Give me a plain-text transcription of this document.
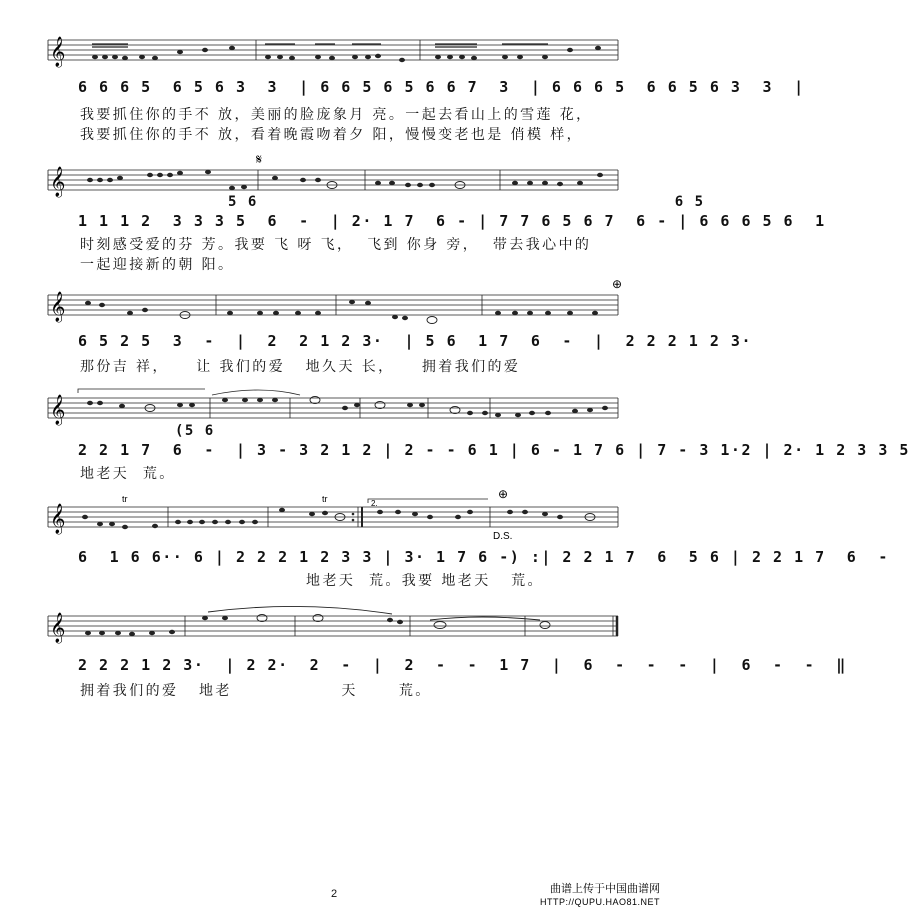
𝄞
6 6 6 5  6 5 6 3  3  | 6 6 5 6 5 6 6 7  3  | 6 6 6 5  6 6 5 6 3  3  |
我要抓住你的手不 放，美丽的脸庞象月 亮。一起去看山上的雪莲 花，
我要抓住你的手不 放，看着晚霞吻着夕 阳，慢慢变老也是 俏模 样，
𝄞
𝄋
5 6                                          6 5
1 1 1 2  3 3 3 5  6  -  | 2· 1 7  6 - | 7 7 6 5 6 7  6 - | 6 6 6 5 6  1
时刻感受爱的芬 芳。我要 飞 呀 飞，  飞到 你身 旁，  带去我心中的
一起迎接新的朝 阳。
𝄞
⊕
6 5 2 5  3  -  |  2  2 1 2 3·  | 5 6  1 7  6  -  |  2 2 2 1 2 3·
那份吉 祥，    让 我们的爱   地久天 长，    拥着我们的爱
𝄞
(5 6
2 2 1 7  6  -  | 3 - 3 2 1 2 | 2 - - 6 1 | 6 - 1 7 6 | 7 - 3 1·2 | 2· 1 2 3 3 5
地老天  荒。
𝄞
tr	tr	⊕
D.S.
2.
6  1 6 6·· 6 | 2 2 2 1 2 3 3 | 3· 1 7 6 -) :| 2 2 1 7  6  5 6 | 2 2 1 7  6  -
地老天  荒。我要 地老天   荒。
𝄞
2 2 2 1 2 3·  | 2 2·  2  -  |  2  -  -  1 7  |  6  -  -  -  |  6  -  -  ‖
拥着我们的爱   地老                天      荒。
2	曲谱上传于中国曲谱网
HTTP://QUPU.HAO81.NET
